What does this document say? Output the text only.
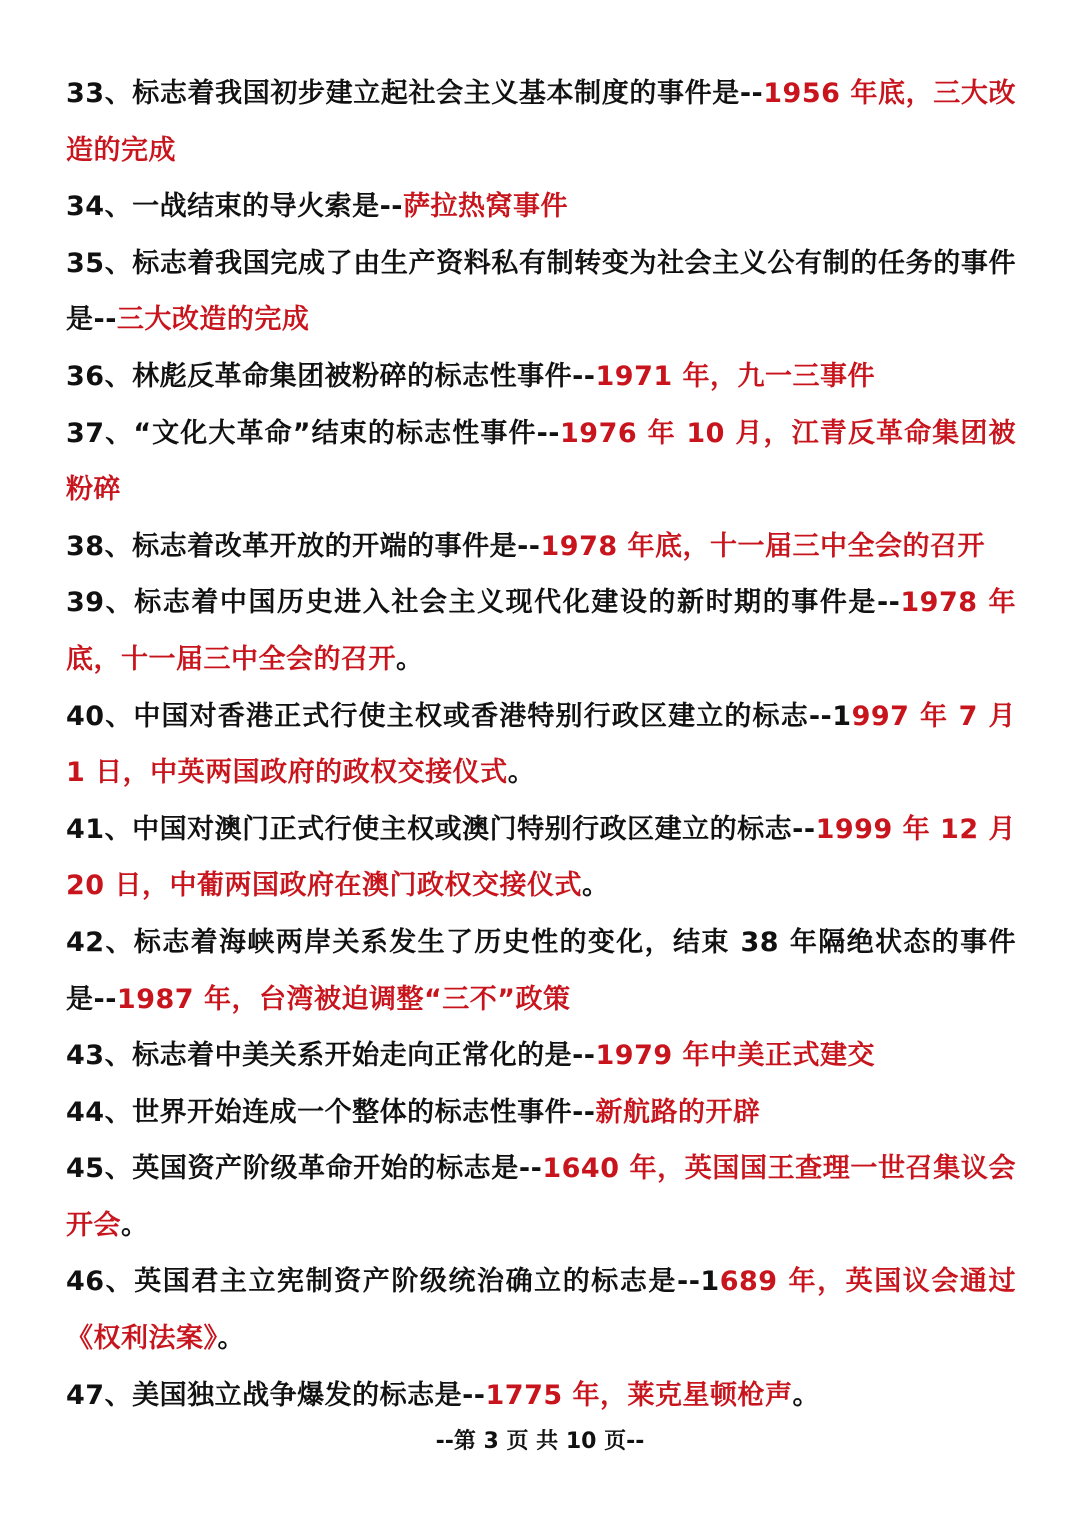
33、标志着我国初步建立起社会主义基本制度的事件是--1956 年底，三大改造的完成
34、一战结束的导火索是--萨拉热窝事件
35、标志着我国完成了由生产资料私有制转变为社会主义公有制的任务的事件是--三大改造的完成
36、林彪反革命集团被粉碎的标志性事件--1971 年，九一三事件
37、“文化大革命”结束的标志性事件--1976 年 10 月，江青反革命集团被粉碎
38、标志着改革开放的开端的事件是--1978 年底，十一届三中全会的召开
39、标志着中国历史进入社会主义现代化建设的新时期的事件是--1978 年底，十一届三中全会的召开。
40、中国对香港正式行使主权或香港特别行政区建立的标志--1997 年 7 月 1 日，中英两国政府的政权交接仪式。
41、中国对澳门正式行使主权或澳门特别行政区建立的标志--1999 年 12 月 20 日，中葡两国政府在澳门政权交接仪式。
42、标志着海峡两岸关系发生了历史性的变化，结束 38 年隔绝状态的事件是--1987 年，台湾被迫调整“三不”政策
43、标志着中美关系开始走向正常化的是--1979 年中美正式建交
44、世界开始连成一个整体的标志性事件--新航路的开辟
45、英国资产阶级革命开始的标志是--1640 年，英国国王查理一世召集议会开会。
46、英国君主立宪制资产阶级统治确立的标志是--1689 年，英国议会通过《权利法案》。
47、美国独立战争爆发的标志是--1775 年，莱克星顿枪声。
--第 3 页 共 10 页--
